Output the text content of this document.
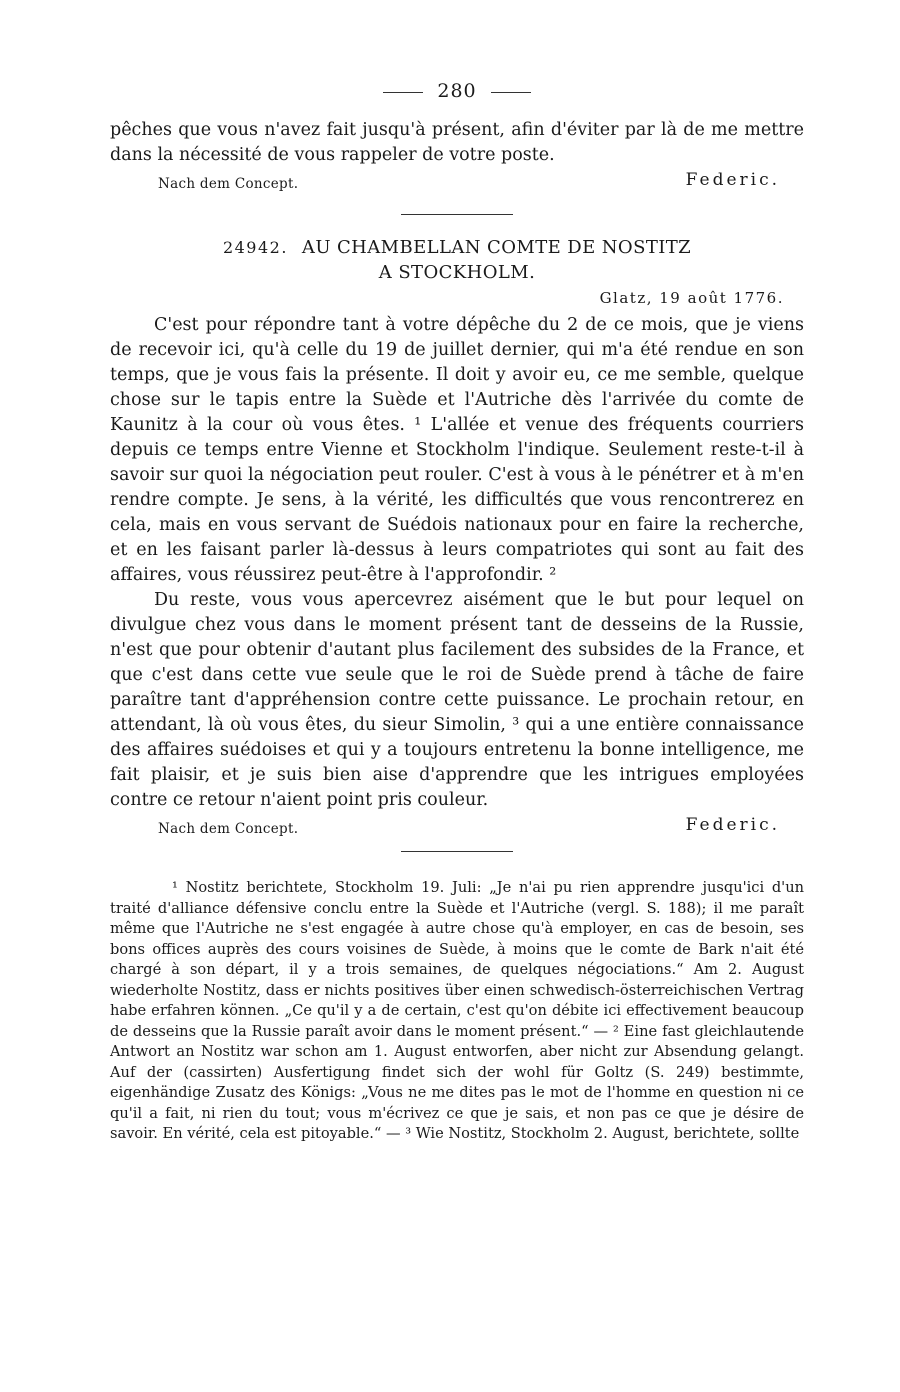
280

pêches que vous n'avez fait jusqu'à présent, afin d'éviter par là de me mettre dans la nécessité de vous rappeler de votre poste.

Nach dem Concept.	Federic.
24942. AU CHAMBELLAN COMTE DE NOSTITZ
A STOCKHOLM.
Glatz, 19 août 1776.

C'est pour répondre tant à votre dépêche du 2 de ce mois, que je viens de recevoir ici, qu'à celle du 19 de juillet dernier, qui m'a été rendue en son temps, que je vous fais la présente. Il doit y avoir eu, ce me semble, quelque chose sur le tapis entre la Suède et l'Autriche dès l'arrivée du comte de Kaunitz à la cour où vous êtes. ¹ L'allée et venue des fréquents courriers depuis ce temps entre Vienne et Stockholm l'indique. Seulement reste-t-il à savoir sur quoi la négociation peut rouler. C'est à vous à le pénétrer et à m'en rendre compte. Je sens, à la vérité, les difficultés que vous rencontrerez en cela, mais en vous servant de Suédois nationaux pour en faire la recherche, et en les faisant parler là-dessus à leurs compatriotes qui sont au fait des affaires, vous réussirez peut-être à l'approfondir. ²

Du reste, vous vous apercevrez aisément que le but pour lequel on divulgue chez vous dans le moment présent tant de desseins de la Russie, n'est que pour obtenir d'autant plus facilement des subsides de la France, et que c'est dans cette vue seule que le roi de Suède prend à tâche de faire paraître tant d'appréhension contre cette puissance. Le prochain retour, en attendant, là où vous êtes, du sieur Simolin, ³ qui a une entière connaissance des affaires suédoises et qui y a toujours entretenu la bonne intelligence, me fait plaisir, et je suis bien aise d'apprendre que les intrigues employées contre ce retour n'aient point pris couleur.

Nach dem Concept.	Federic.

¹ Nostitz berichtete, Stockholm 19. Juli: „Je n'ai pu rien apprendre jusqu'ici d'un traité d'alliance défensive conclu entre la Suède et l'Autriche (vergl. S. 188); il me paraît même que l'Autriche ne s'est engagée à autre chose qu'à employer, en cas de besoin, ses bons offices auprès des cours voisines de Suède, à moins que le comte de Bark n'ait été chargé à son départ, il y a trois semaines, de quelques négociations.“ Am 2. August wiederholte Nostitz, dass er nichts positives über einen schwedisch-österreichischen Vertrag habe erfahren können. „Ce qu'il y a de certain, c'est qu'on débite ici effectivement beaucoup de desseins que la Russie paraît avoir dans le moment présent.“ — ² Eine fast gleichlautende Antwort an Nostitz war schon am 1. August entworfen, aber nicht zur Absendung gelangt. Auf der (cassirten) Ausfertigung findet sich der wohl für Goltz (S. 249) bestimmte, eigenhändige Zusatz des Königs: „Vous ne me dites pas le mot de l'homme en question ni ce qu'il a fait, ni rien du tout; vous m'écrivez ce que je sais, et non pas ce que je désire de savoir. En vérité, cela est pitoyable.“ — ³ Wie Nostitz, Stockholm 2. August, berichtete, sollte
